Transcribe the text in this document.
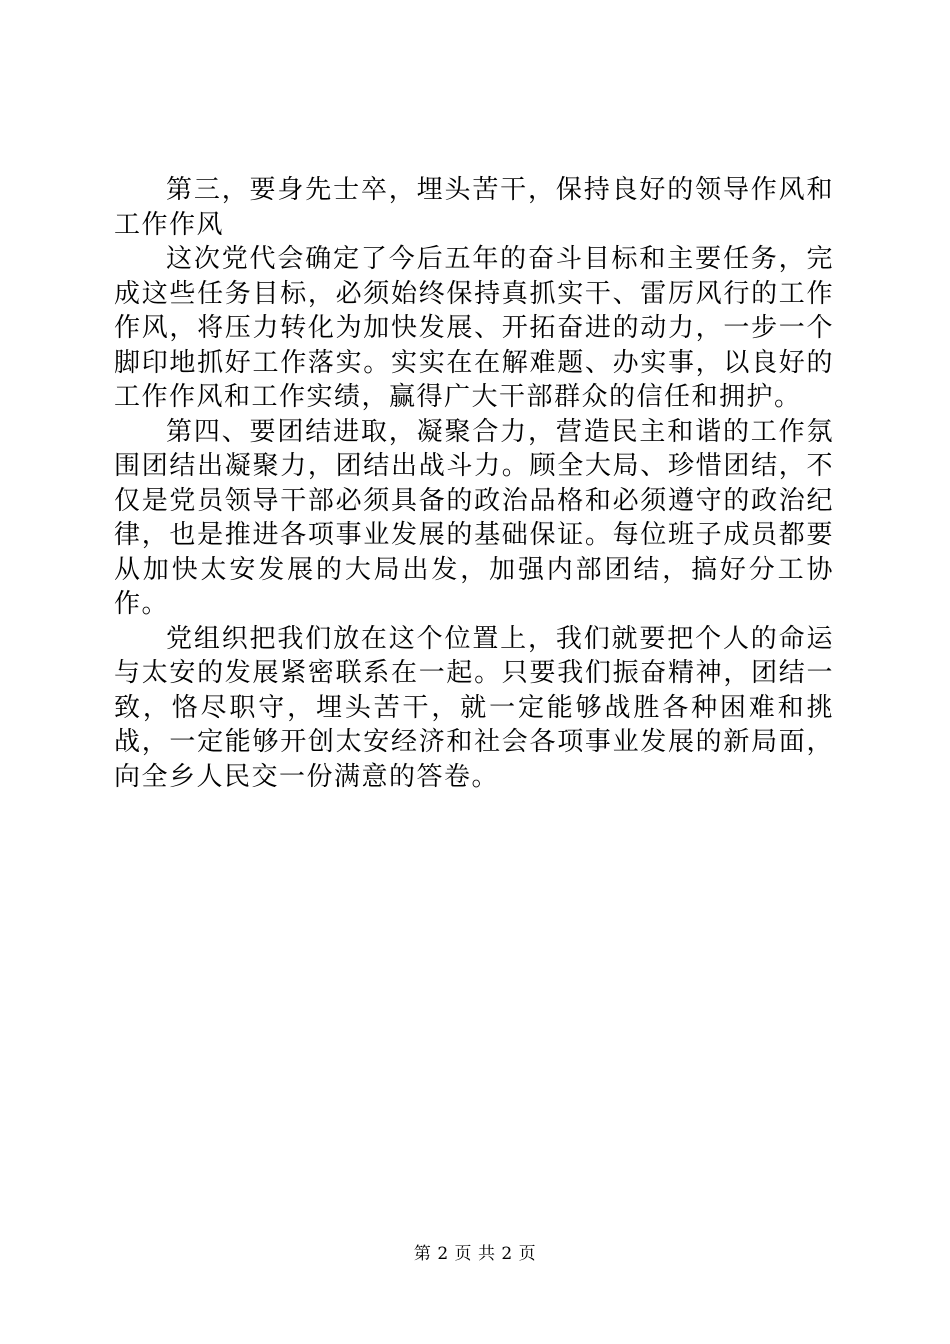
第三，要身先士卒，埋头苦干，保持良好的领导作风和工作作风

这次党代会确定了今后五年的奋斗目标和主要任务，完成这些任务目标，必须始终保持真抓实干、雷厉风行的工作作风，将压力转化为加快发展、开拓奋进的动力，一步一个脚印地抓好工作落实。实实在在解难题、办实事，以良好的工作作风和工作实绩，赢得广大干部群众的信任和拥护。

第四、要团结进取，凝聚合力，营造民主和谐的工作氛围团结出凝聚力，团结出战斗力。顾全大局、珍惜团结，不仅是党员领导干部必须具备的政治品格和必须遵守的政治纪律，也是推进各项事业发展的基础保证。每位班子成员都要从加快太安发展的大局出发，加强内部团结，搞好分工协作。

党组织把我们放在这个位置上，我们就要把个人的命运与太安的发展紧密联系在一起。只要我们振奋精神，团结一致，恪尽职守，埋头苦干，就一定能够战胜各种困难和挑战，一定能够开创太安经济和社会各项事业发展的新局面，向全乡人民交一份满意的答卷。

第 2 页 共 2 页
